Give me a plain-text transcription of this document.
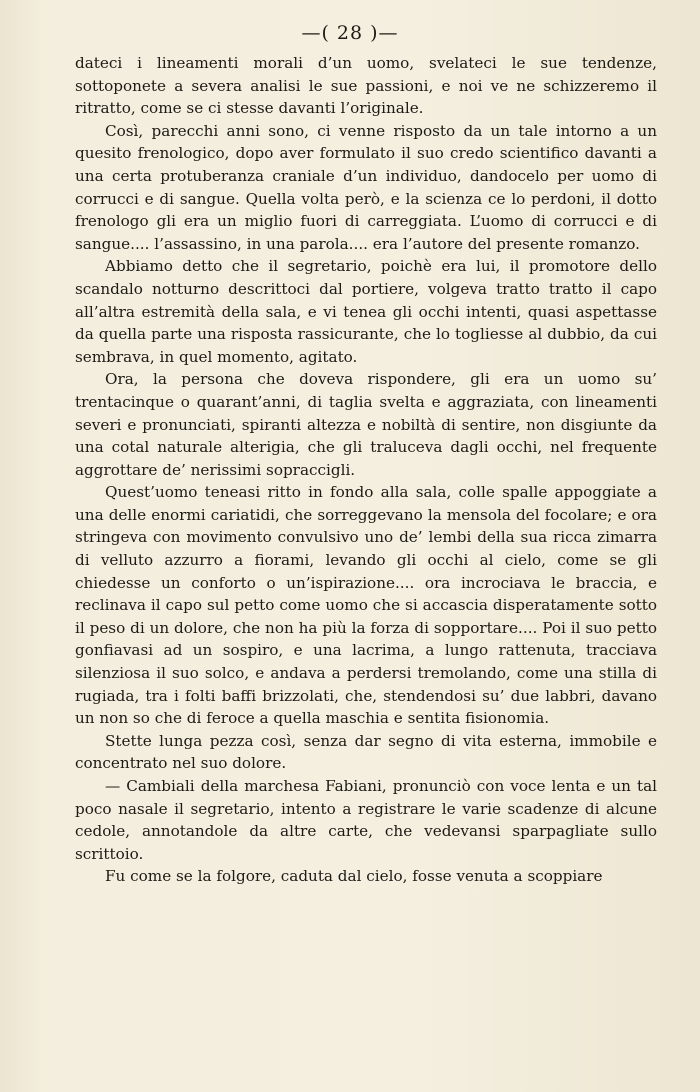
—( 28 )—

dateci i lineamenti morali d’un uomo, svelateci le sue tendenze, sottoponete a severa analisi le sue passioni, e noi ve ne schizzeremo il ritratto, come se ci stesse davanti l’originale.

Così, parecchi anni sono, ci venne risposto da un tale intorno a un quesito frenologico, dopo aver formulato il suo credo scientifico davanti a una certa protuberanza craniale d’un individuo, dandocelo per uomo di corrucci e di sangue. Quella volta però, e la scienza ce lo perdoni, il dotto frenologo gli era un miglio fuori di carreggiata. L’uomo di corrucci e di sangue.... l’assassino, in una parola.... era l’autore del presente romanzo.

Abbiamo detto che il segretario, poichè era lui, il promotore dello scandalo notturno descrittoci dal portiere, volgeva tratto tratto il capo all’altra estremità della sala, e vi tenea gli occhi intenti, quasi aspettasse da quella parte una risposta rassicurante, che lo togliesse al dubbio, da cui sembrava, in quel momento, agitato.

Ora, la persona che doveva rispondere, gli era un uomo su’ trentacinque o quarant’anni, di taglia svelta e aggraziata, con lineamenti severi e pronunciati, spiranti altezza e nobiltà di sentire, non disgiunte da una cotal naturale alterigia, che gli traluceva dagli occhi, nel frequente aggrottare de’ nerissimi sopraccigli.

Quest’uomo teneasi ritto in fondo alla sala, colle spalle appoggiate a una delle enormi cariatidi, che sorreggevano la mensola del focolare; e ora stringeva con movimento convulsivo uno de’ lembi della sua ricca zimarra di velluto azzurro a fiorami, levando gli occhi al cielo, come se gli chiedesse un conforto o un’ispirazione.... ora incrociava le braccia, e reclinava il capo sul petto come uomo che si accascia disperatamente sotto il peso di un dolore, che non ha più la forza di sopportare.... Poi il suo petto gonfiavasi ad un sospiro, e una lacrima, a lungo rattenuta, tracciava silenziosa il suo solco, e andava a perdersi tremolando, come una stilla di rugiada, tra i folti baffi brizzolati, che, stendendosi su’ due labbri, davano un non so che di feroce a quella maschia e sentita fisionomia.

Stette lunga pezza così, senza dar segno di vita esterna, immobile e concentrato nel suo dolore.

— Cambiali della marchesa Fabiani, pronunciò con voce lenta e un tal poco nasale il segretario, intento a registrare le varie scadenze di alcune cedole, annotandole da altre carte, che vedevansi sparpagliate sullo scrittoio.

Fu come se la folgore, caduta dal cielo, fosse venuta a scoppiare
